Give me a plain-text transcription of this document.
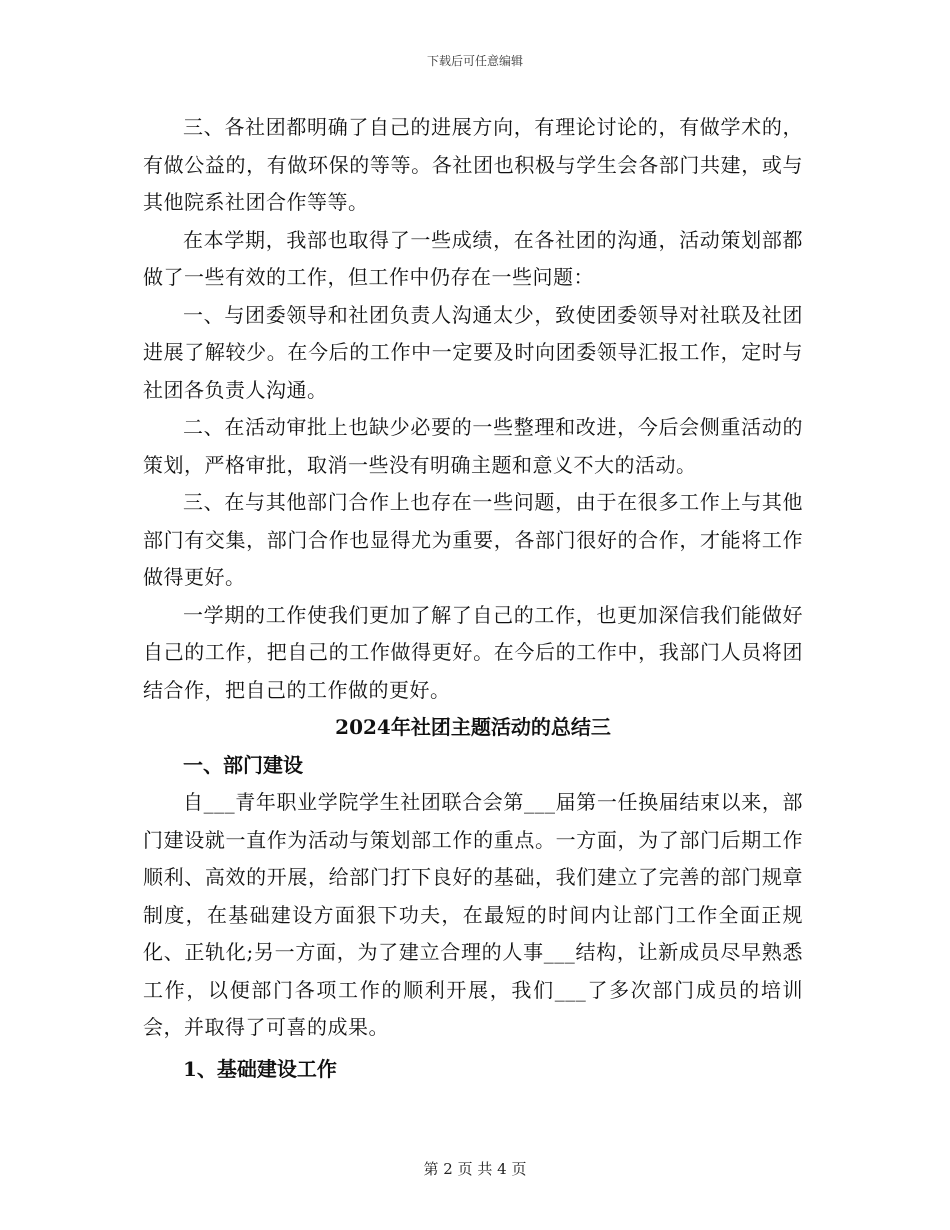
下载后可任意编辑

三、各社团都明确了自己的进展方向，有理论讨论的，有做学术的，有做公益的，有做环保的等等。各社团也积极与学生会各部门共建，或与其他院系社团合作等等。

在本学期，我部也取得了一些成绩，在各社团的沟通，活动策划部都做了一些有效的工作，但工作中仍存在一些问题：

一、与团委领导和社团负责人沟通太少，致使团委领导对社联及社团进展了解较少。在今后的工作中一定要及时向团委领导汇报工作，定时与社团各负责人沟通。

二、在活动审批上也缺少必要的一些整理和改进，今后会侧重活动的策划，严格审批，取消一些没有明确主题和意义不大的活动。

三、在与其他部门合作上也存在一些问题，由于在很多工作上与其他部门有交集，部门合作也显得尤为重要，各部门很好的合作，才能将工作做得更好。

一学期的工作使我们更加了解了自己的工作，也更加深信我们能做好自己的工作，把自己的工作做得更好。在今后的工作中，我部门人员将团结合作，把自己的工作做的更好。

2024年社团主题活动的总结三
一、部门建设

自___青年职业学院学生社团联合会第___届第一任换届结束以来，部门建设就一直作为活动与策划部工作的重点。一方面，为了部门后期工作顺利、高效的开展，给部门打下良好的基础，我们建立了完善的部门规章制度，在基础建设方面狠下功夫，在最短的时间内让部门工作全面正规化、正轨化;另一方面，为了建立合理的人事___结构，让新成员尽早熟悉工作，以便部门各项工作的顺利开展，我们___了多次部门成员的培训会，并取得了可喜的成果。

1、基础建设工作
第 2 页 共 4 页
